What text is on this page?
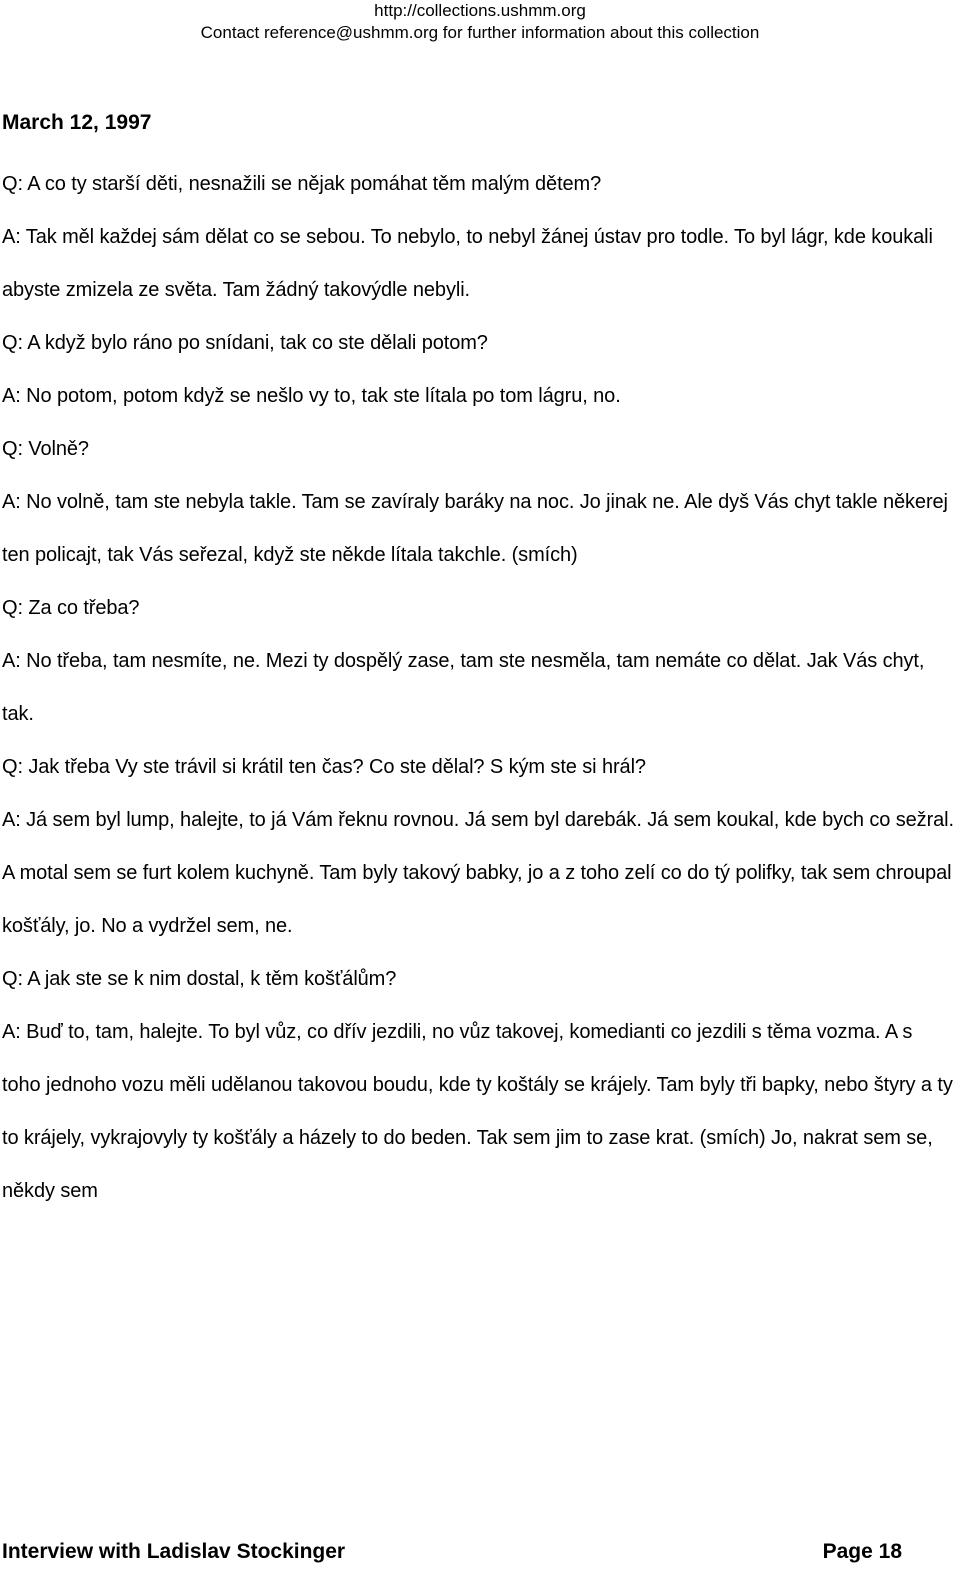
http://collections.ushmm.org
Contact reference@ushmm.org for further information about this collection
March 12, 1997

Q: A co ty starší děti, nesnažili se nějak pomáhat těm malým dětem?

A: Tak měl každej sám dělat co se sebou. To nebylo, to nebyl žánej ústav pro todle. To byl lágr, kde koukali abyste zmizela ze světa. Tam žádný takovýdle nebyli.

Q: A když bylo ráno po snídani, tak co ste dělali potom?

A: No potom, potom když se nešlo vy to, tak ste lítala po tom lágru, no.

Q: Volně?

A: No volně, tam ste nebyla takle. Tam se zavíraly baráky na noc. Jo jinak ne. Ale dyš Vás chyt takle někerej ten policajt, tak Vás seřezal, když ste někde lítala takchle. (smích)

Q: Za co třeba?

A: No třeba, tam nesmíte, ne. Mezi ty dospělý zase, tam ste nesměla, tam nemáte co dělat. Jak Vás chyt, tak.

Q: Jak třeba Vy ste trávil si krátil ten čas? Co ste dělal? S kým ste si hrál?

A: Já sem byl lump, halejte, to já Vám řeknu rovnou. Já sem byl darebák. Já sem koukal, kde bych co sežral. A motal sem se furt kolem kuchyně. Tam byly takový babky, jo a z toho zelí co do tý polifky, tak sem chroupal košťály, jo. No a vydržel sem, ne.

Q: A jak ste se k nim dostal, k těm košťálům?

A: Buď to, tam, halejte. To byl vůz, co dřív jezdili, no vůz takovej, komedianti co jezdili s těma vozma. A s toho jednoho vozu měli udělanou takovou boudu, kde ty koštály se krájely. Tam byly tři bapky, nebo štyry a ty to krájely, vykrajovyly ty košťály a házely to do beden. Tak sem jim to zase krat. (smích) Jo, nakrat sem se, někdy sem

Interview with Ladislav Stockinger	Page 18
